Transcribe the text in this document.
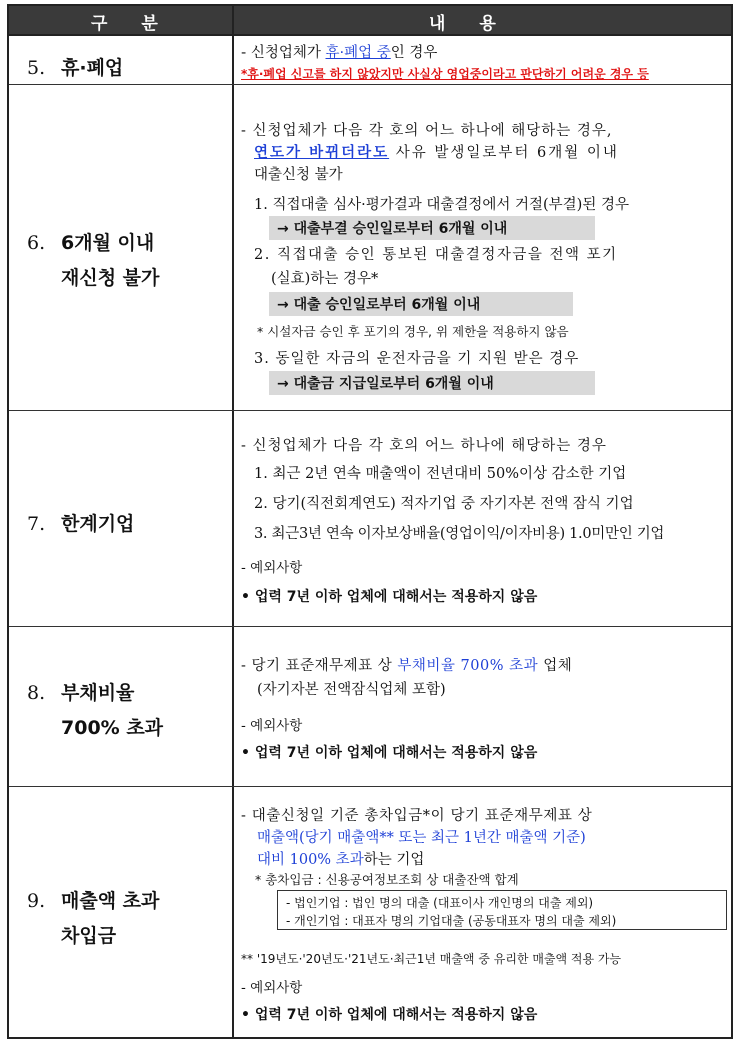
구 분	내 용
5. 휴·폐업
- 신청업체가 휴·폐업 중인 경우
*휴·폐업 신고를 하지 않았지만 사실상 영업중이라고 판단하기 어려운 경우 등
6. 6개월 이내
재신청 불가
- 신청업체가 다음 각 호의 어느 하나에 해당하는 경우,
연도가 바뀌더라도 사유 발생일로부터 6개월 이내
대출신청 불가
1. 직접대출 심사·평가결과 대출결정에서 거절(부결)된 경우
→ 대출부결 승인일로부터 6개월 이내
2. 직접대출 승인 통보된 대출결정자금을 전액 포기
(실효)하는 경우*
→ 대출 승인일로부터 6개월 이내
* 시설자금 승인 후 포기의 경우, 위 제한을 적용하지 않음
3. 동일한 자금의 운전자금을 기 지원 받은 경우
→ 대출금 지급일로부터 6개월 이내
7. 한계기업
- 신청업체가 다음 각 호의 어느 하나에 해당하는 경우
1. 최근 2년 연속 매출액이 전년대비 50%이상 감소한 기업
2. 당기(직전회계연도) 적자기업 중 자기자본 전액 잠식 기업
3. 최근3년 연속 이자보상배율(영업이익/이자비용) 1.0미만인 기업
- 예외사항
• 업력 7년 이하 업체에 대해서는 적용하지 않음
8. 부채비율
700% 초과
- 당기 표준재무제표 상 부채비율 700% 초과 업체
(자기자본 전액잠식업체 포함)
- 예외사항
• 업력 7년 이하 업체에 대해서는 적용하지 않음
9. 매출액 초과
차입금
- 대출신청일 기준 총차입금*이 당기 표준재무제표 상
매출액(당기 매출액** 또는 최근 1년간 매출액 기준)
대비 100% 초과하는 기업
* 총차입금 : 신용공여정보조회 상 대출잔액 합계
- 법인기업 : 법인 명의 대출 (대표이사 개인명의 대출 제외)
- 개인기업 : 대표자 명의 기업대출 (공동대표자 명의 대출 제외)
** '19년도·'20년도·'21년도·최근1년 매출액 중 유리한 매출액 적용 가능
- 예외사항
• 업력 7년 이하 업체에 대해서는 적용하지 않음
